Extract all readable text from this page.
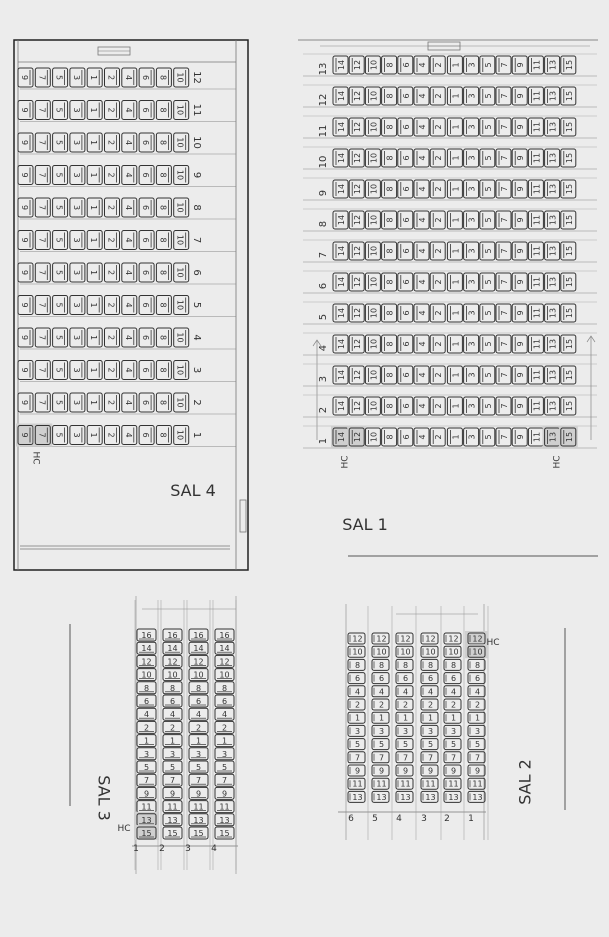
1
9 7 5 3 1 2 4 6 8 10
2
9 7 5 3 1 2 4 6 8 10
3
9 7 5 3 1 2 4 6 8 10
4
9 7 5 3 1 2 4 6 8 10
5
9 7 5 3 1 2 4 6 8 10
6
9 7 5 3 1 2 4 6 8 10
7
9 7 5 3 1 2 4 6 8 10
8
9 7 5 3 1 2 4 6 8 10
9
9 7 5 3 1 2 4 6 8 10
10
9 7 5 3 1 2 4 6 8 10
11
9 7 5 3 1 2 4 6 8 10
12
9 7 5 3 1 2 4 6 8 10
HC
SAL 4
1 14 12 10 8 6 4 2 1 3 5 7 9 11 13 15
2 14 12 10 8 6 4 2 1 3 5 7 9 11 13 15
3 14 12 10 8 6 4 2 1 3 5 7 9 11 13 15
4 14 12 10 8 6 4 2 1 3 5 7 9 11 13 15
5 14 12 10 8 6 4 2 1 3 5 7 9 11 13 15
6 14 12 10 8 6 4 2 1 3 5 7 9 11 13 15
7 14 12 10 8 6 4 2 1 3 5 7 9 11 13 15
8 14 12 10 8 6 4 2 1 3 5 7 9 11 13 15
9 14 12 10 8 6 4 2 1 3 5 7 9 11 13 15
10 14 12 10 8 6 4 2 1 3 5 7 9 11 13 15
11 14 12 10 8 6 4 2 1 3 5 7 9 11 13 15
12 14 12 10 8 6 4 2 1 3 5 7 9 11 13 15
13 14 12 10 8 6 4 2 1 3 5 7 9 11 13 15
HC	HC
SAL 1
1
16
14
12
10
8
6
4
2
1
3
5
7
9
11
13
15
2
16
14
12
10
8
6
4
2
1
3
5
7
9
11
13
15
3
16
14
12
10
8
6
4
2
1
3
5
7
9
11
13
15
4
16
14
12
10
8
6
4
2
1
3
5
7
9
11
13
15
HC
SAL 3	6
12
10
8
6
4
2
1
3
5
7
9
11
13
5
12
10
8
6
4
2
1
3
5
7
9
11
13
4
12
10
8
6
4
2
1
3
5
7
9
11
13
3
12
10
8
6
4
2
1
3
5
7
9
11
13
2
12
10
8
6
4
2
1
3
5
7
9
11
13
1
12
10
8
6
4
2
1
3
5
7
9
11
13
HC
SAL 2
